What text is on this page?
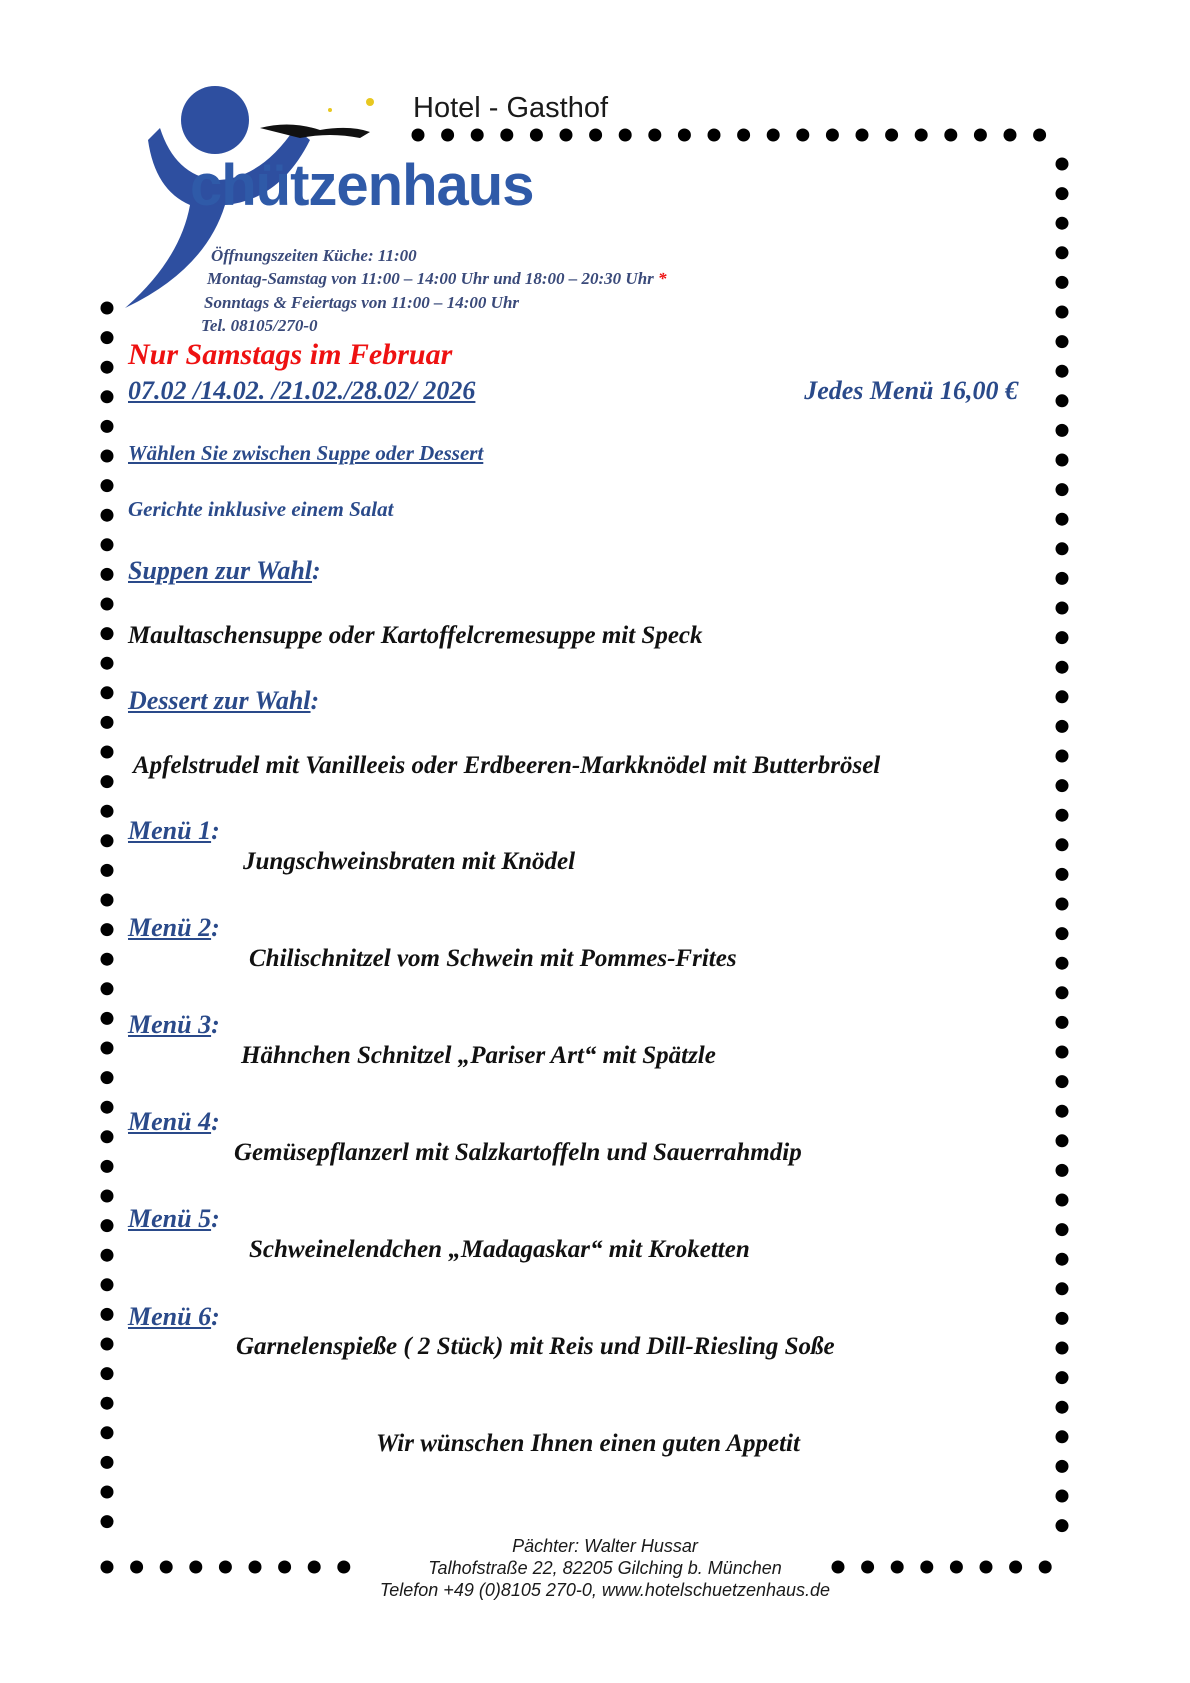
Hotel - Gasthof
chützenhaus
Öffnungszeiten Küche: 11:00
Montag-Samstag von 11:00 – 14:00 Uhr und 18:00 – 20:30 Uhr *
Sonntags & Feiertags von 11:00 – 14:00 Uhr
Tel. 08105/270-0
Nur Samstags im Februar
07.02 /14.02. /21.02./28.02/ 2026	Jedes Menü 16,00 €
Wählen Sie zwischen Suppe oder Dessert
Gerichte inklusive einem Salat
Suppen zur Wahl:
Maultaschensuppe oder Kartoffelcremesuppe mit Speck
Dessert zur Wahl:
Apfelstrudel mit Vanilleeis oder Erdbeeren-Markknödel mit Butterbrösel
Menü 1:
Jungschweinsbraten mit Knödel
Menü 2:
Chilischnitzel vom Schwein mit Pommes-Frites
Menü 3:
Hähnchen Schnitzel „Pariser Art“ mit Spätzle
Menü 4:
Gemüsepflanzerl mit Salzkartoffeln und Sauerrahmdip
Menü 5:
Schweinelendchen „Madagaskar“ mit Kroketten
Menü 6:
Garnelenspieße ( 2 Stück) mit Reis und Dill-Riesling Soße
Wir wünschen Ihnen einen guten Appetit
Pächter: Walter Hussar
Talhofstraße 22, 82205 Gilching b. München
Telefon +49 (0)8105 270-0, www.hotelschuetzenhaus.de
